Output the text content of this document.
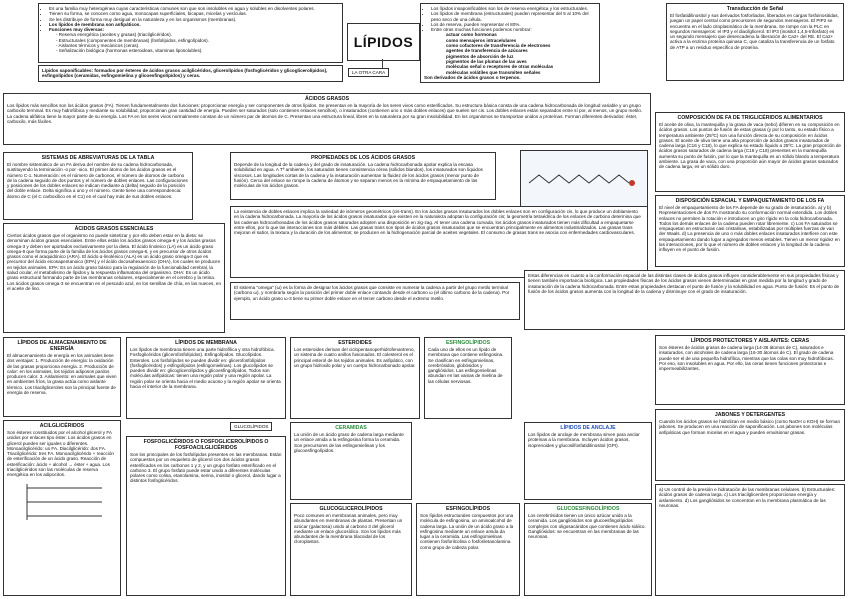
LÍPIDOS
LA OTRA CARA
• Es una familia muy heterogénea cuyas características comunes son que son insolubles en agua y solubles en disolventes polares.
• Tienen su forma, se conocen como agua, monocapas superficiales, bicapas, micelas y vesículas.
• Se les distribuye de forma muy desigual en la naturaleza y en los organismos (membranas).
• Los lípidos de membrana son anfipáticos.
• Funciones muy diversas:

- Reserva energética (aceites y grasas) (triacilglicéridos).

- Estructurales (componentes de membranas) (fosfolípidos, esfingolípidos).

- Aislantes térmicos y mecánicos (ceras).

- Señalización biológica (hormonas esteroideas, vitaminas liposolubles).

Lípidos saponificables: formados por ésteres de ácidos grasos acilglicéridos, glicerolípidos (fosfoglicéridos y glicoglicerolípidos), esfingolípidos (ceramidas, esfingomielina y glicoesfingolípidos) y ceras.

• Los lípidos insaponificables son los de reserva energética y los estructurales.
• Los lípidos de membrana (estructurales) pueden representar del 5 al 10% del peso seco de una célula.
• Los de reserva, pueden representar el 80%.
• Entre otras muchas funciones podemos nombrar:

actuar como hormonas

como mensajeros intracelulares

como cofactores de transferencia de electrones

agentes de transferencia de azúcares

pigmentos de absorción de luz

pigmentos de las plumas de las aves

moléculas señal o receptores de otras moléculas

moléculas volátiles que transmiten señales

Son derivados de ácidos grasos o terpenos.

Transducción de Señal

El fosfatidilinositol y sus derivados fosforilados, liberados en cargas fosfoinositidas, juegan un papel central como precursores de segundos mensajeros. El PIP2 se encuentra en el lado citoplasmático de la membrana. Se rompe con la PLC en segundos mensajeros: el IP3 y el diacilglicerol. El IP3 (inositol 1,4,5-trifosfato) es un segundo mensajero que desencadena la liberación de Ca2+ del RE. El Ca2+ activa a la enzima proteína quinasa C, que cataliza la transferencia de un fosfato de ATP a un residuo específico de proteína.

ÁCIDOS GRASOS

Los lípidos más sencillos son los ácidos grasos (FA). Tienen fundamentalmente dos funciones: proporcionar energía y ser componentes de otros lípidos. Se presentan en la mayoría de los seres vivos como esterificados. Su estructura básica consta de una cadena hidrocarbonada de longitud variable y un grupo carboxilo terminal. Es muy hidrofóbica y mediante su solubilidad, proporcionan gran cantidad de energía. Pueden ser saturados (solo contienen enlaces sencillos), o insaturados (contienen uno o más dobles enlaces) que suelen ser cis. Los dobles enlaces están separados entre sí por, al menos, un grupo metilo. La cadena alifática tiene la mayor parte de su energía. Los FA en los seres vivos normalmente constan de un número par de átomos de C. Presentan una estructura lineal, libres en la naturaleza por su gran insolubilidad. En los organismos se transportan unidos a proteínas. Forman diferentes derivados: éster, carboxilo, más fáciles.

COMPOSICIÓN DE FA DE TRIGLICÉRIDOS ALIMENTARIOS

El aceite de oliva, la mantequilla y la grasa de vaca (sebo) difieren en su composición en ácidos grasos. Los puntos de fusión de estas grasas (y por lo tanto, su estado físico a temperatura ambiente (25ºC) son una función directa de su composición en ácidos grasos. El aceite de oliva tiene una alta proporción de ácidos grasos insaturados de cadena larga (C16 y C18), lo que explica su estado líquido a 25ºC. La gran proporción de ácidos grasos saturados de cadena larga (C16 y C18) presentes en la mantequilla aumenta su punto de fusión, por lo que la mantequilla es un sólido blando a temperatura ambiente. La grasa de vaca, con una proporción aún mayor de ácidos grasos saturados de cadena larga, es un sólido duro.

SISTEMAS DE ABREVIATURAS DE LA TABLA

El nombre sistemático de un FA deriva del nombre de su cadena hidrocarbonada, sustituyendo la terminación -o por -oico. El primer átomo de los ácidos grasos es el número C-1. Numeración: es el número de carbonos, el número de átomos de carbono de la cadena seguido de dos puntos y el número de dobles enlaces. Las configuraciones y posiciones de los dobles enlaces se indican mediante Δ (delta) seguido de la posición del doble enlace. Delta significa a uno y el número. Gente tiene una correspondencia: átomo de C (el C carboxílico en el C1) en el cual hay más de sus dobles enlaces.

PROPIEDADES DE LOS ÁCIDOS GRASOS

Depende de la longitud de la cadena y del grado de insaturación. La cadena hidrocarbonada apolar explica la escasa solubilidad en agua. A Tª ambiente, los saturados tienen consistencia cérea (sólidos blandos), los insaturados son líquidos viscosos. Las longitudes cortas de la cadena y la insaturación aumentan la fluidez de los ácidos grasos (menor punto de fusión). Cerca del enlace se rompe la cadena de átomos y se separan menos en la mínima de empaquetamiento de las moléculas de los ácidos grasos.

DISPOSICIÓN ESPACIAL Y EMPAQUETAMIENTO DE LOS FA

El nivel de empaquetamiento de los FA depende de su grado de insaturación. a) y b) Representaciones de dos FA mostrando su conformación normal extendida. Los dobles enlaces no permiten la rotación e introducen un giro rígido en la cola hidrocarbonada. Todos los demás enlaces de la cadena pueden rotar libremente. c) Los FA saturados se empaquetan en estructuras casi cristalinas, estabilizadas por múltiples fuerzas de van der Waals. d) La presencia de uno o más dobles enlaces insaturados interfiere con este empaquetamiento dando lugar a agregados menos estables. Tienen un menor rigidez en las interacciones, por lo que el número de dobles enlaces y la longitud de la cadena influyen en el punto de fusión.

La existencia de dobles enlaces implica la variedad de isómeros geométricos (cis-trans). En los ácidos grasos insaturados los dobles enlaces son en configuración cis, lo que produce un doblamiento en la cadena hidrocarbonada. La mayoría de los ácidos grasos insaturados que existen en la naturaleza adoptan la configuración cis; la geometría tetraédrica de los enlaces de carbono determina que las cadenas hidrocarbonadas de los ácidos grasos saturados adopten una disposición en zig-zag. Al tener una cadena curvada, los ácidos grasos insaturados tienen más dificultad a empaquetarse entre ellos, por lo que las interacciones son más débiles. Las grasas trans son tipos de ácidos grasos insaturados que se encuentran principalmente en alimentos industrializados. Las grasas trans mejoran el sabor, la textura y la duración de los alimentos; se producen en la hidrogenación parcial de aceites vegetales. El consumo de grasas trans se asocia con enfermedades cardiovasculares.

ÁCIDOS GRASOS ESENCIALES

Ciertos ácidos grasos que el organismo no puede sintetizar y por ello deben estar en la dieta: se denominan ácidos grasos esenciales. Entre ellos están los ácidos grasos omega-6 y los ácidos grasos omega-3 y deben ser aportados exclusivamente por la dieta. El ácido linoleico (LA) es un ácido graso omega-6 que forma parte de la familia de los ácidos grasos omega-6, y es precursor de otros ácidos grasos como el araquidónico (ARA). El ácido α-linolénico (ALA) es un ácido graso omega-3 que es precursor del ácido eicosapentanoico (EPA) y el ácido docosahexaenoico (DHA), los cuales se producen en tejidos animales. EPA: Es un ácido graso básico para la regulación de la funcionalidad cerebral, la salud ocular, el metabolismo de lípidos y la respuesta inflamatoria del organismo. DHA: Es un ácido graso estructural formando parte de las membranas celulares, especialmente en el cerebro y la retina. Los ácidos grasos omega-3 se encuentran en el pescado azul, en los semillas de chía, en las nueces, en el aceite de lino.

Estas diferencias en cuanto a la conformación espacial de las distintas clases de ácidos grasos influyen considerablemente en sus propiedades físicas y tienen también importancia biológica. Las propiedades físicas de los ácidos grasos vienen determinadas en gran medida por la longitud y grado de insaturación de la cadena hidrocarbonada. Entre estas propiedades destacan el punto de fusión y la solubilidad en agua. Punto de fusión: Es el punto de fusión de los ácidos grasos aumenta con la longitud de la cadena y disminuye con el grado de insaturación.

El sistema "omega" (ω) es la forma de designar los ácidos grasos que consiste en numerar la cadena a partir del grupo metilo terminal (carbono ω), y nombrarla según la posición del primer doble enlace contando desde el carbono ω (el último carbono de la cadena). Por ejemplo, un ácido graso ω-3 tiene su primer doble enlace en el tercer carbono desde el extremo metilo.

LÍPIDOS DE ALMACENAMIENTO DE ENERGÍA

El almacenamiento de energía en los animales tiene dos ventajas: 1. Producción de energía: la oxidación de las grasas proporciona energía. 2. Producción de calor: en los animales, los tejidos adiposos pardos producen calor. 3. Aislamiento: en animales que viven en ambientes fríos, la grasa actúa como aislante térmico. Los triacilgliceroles son la principal fuente de energía de reserva.

ACILGLICÉRIDOS

Son ésteres constituidos por el alcohol glicerol y FA unidos por enlaces tipo éster. Los ácidos grasos en glicerol pueden ser iguales o diferentes. Monoacilglicérido: un FA. Diacilglicérido: dos FA. Triacilglicérido: tres FA. Monoacilglicérido + reacción de esterificación de un ácido graso. Reacción de esterificación: ácido + alcohol → éster + agua. Los triacilglicéridos son las moléculas de reserva energética en los adipocitos.

LÍPIDOS DE MEMBRANA

Los lípidos de membrana tienen una parte hidrofílica y otra hidrofóbica. Fosfoglicéridos (glicerofosfolípidos). Esfingolípidos. Glucolípidos. Esteroles. Los fosfolípidos se pueden dividir en: glicerofosfolípidos (fosfoglicéridos) y esfingolípidos (esfingomielinas). Los glucolípidos se pueden dividir en: glicoglicerolípidos y glicoesfingolípidos. Todos son moléculas anfipáticas: tienen una región polar y una región apolar. La región polar se orienta hacia el medio acuoso y la región apolar se orienta hacia el interior de la membrana.

ESTEROIDES

Los esteroides derivan del ciclopentanoperhidrofenantreno, un sistema de cuatro anillos fusionados. El colesterol es el principal esterol de los tejidos animales. Es anfipático, con un grupo hidroxilo polar y un cuerpo hidrocarbonado apolar.

ESFINGOLÍPIDOS

Cada uno de ellos es un lípido de membrana que contiene esfingosina. Se clasifican en esfingomielinas, cerebrósidos, globósidos y gangliósidos. Las esfingomielinas abundan en las vainas de mielina de las células nerviosas.

LÍPIDOS PROTECTORES Y AISLANTES: CERAS

Son ésteres de ácidos grasos de cadena larga (14-36 átomos de C), saturados e insaturados, con alcoholes de cadena larga (16-30 átomos de C). El grado de cadena puede ser el de una pequeña hidrofílica, mientras que las colas son muy hidrofóbicas. Por eso, son insolubles en agua. Por ello, las ceras tienen funciones protectoras e impermeabilizantes.

JABONES Y DETERGENTES

Cuando los ácidos grasos se hidrolizan en medio básico (como NaOH o KOH) se forman jabones. Se producen en una reacción de saponificación. Los jabones son moléculas anfipáticas que forman micelas en el agua y pueden emulsionar grasas.

CERAMIDAS

La unión de un ácido graso de cadena larga mediante un enlace amida a la esfingosina forma la ceramida. Son precursores de las esfingomielinas y los glucoesfingolípidos.

LÍPIDOS DE ANCLAJE

Los lípidos de anclaje de membrana sirven para anclar proteínas a la membrana. Incluyen ácidos grasos, isoprenoides y glucosilfosfatidilinositol (GPI).

GLUCOLÍPIDOS

FOSFOGLICÉRIDOS O FOSFOGLICEROLÍPIDOS O FOSFOACILGLICÉRIDOS

Son los principales de los fosfolípidos presentes en las membranas. Están compuestos por un esqueleto de glicerol con dos ácidos grasos esterificados en los carbonos 1 y 2, y un grupo fosfato esterificado en el carbono 3. El grupo fosfato puede estar unido a diferentes moléculas polares como colina, etanolamina, serina, inositol o glicerol, dando lugar a distintos fosfoglicéridos.

GLUCOGLICEROLÍPIDOS

Poco comunes en membranas animales, pero muy abundantes en membranas de plantas. Presentan un azúcar (galactosa) unido al carbono 3 del glicerol mediante un enlace glucosídico. Son los lípidos más abundantes de la membrana tilacoidal de los cloroplastos.

ESFINGOLÍPIDOS

Son lípidos estructurales compuestos por una molécula de esfingosina, un aminoalcohol de cadena larga. La unión de un ácido graso a la esfingosina mediante un enlace amida da lugar a la ceramida. Las esfingomielinas contienen fosforilcolina o fosforiletanolamina como grupo de cabeza polar.

GLUCOESFINGOLÍPIDOS

Los cerebrósidos tienen un único azúcar unido a la ceramida. Los gangliósidos son glucoesfingolípidos complejos con oligosacáridos que contienen ácido siálico. Gangliósidos: se encuentran en las membranas de las neuronas.

a) Un control de la presión e hidratación de las membranas celulares. b) Estructurales: ácidos grasos de cadena larga. c) Los triacilgliceroles proporcionan energía y aislamiento. d) Los gangliósidos se concentran en la membrana plasmática de las neuronas.
